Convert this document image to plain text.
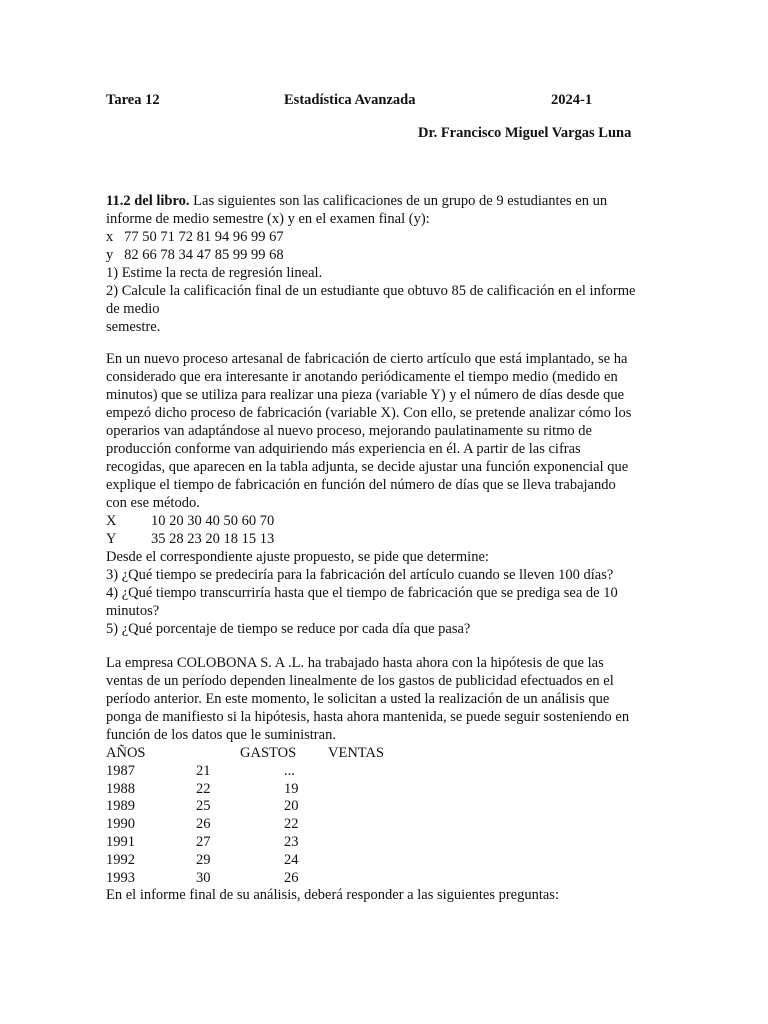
Tarea 12	Estadística Avanzada	2024-1
Dr. Francisco Miguel Vargas Luna
11.2 del libro. Las siguientes son las calificaciones de un grupo de 9 estudiantes en un
informe de medio semestre (x) y en el examen final (y):
x   77 50 71 72 81 94 96 99 67
y   82 66 78 34 47 85 99 99 68
1) Estime la recta de regresión lineal.
2) Calcule la calificación final de un estudiante que obtuvo 85 de calificación en el informe
de medio
semestre.
En un nuevo proceso artesanal de fabricación de cierto artículo que está implantado, se ha
considerado que era interesante ir anotando periódicamente el tiempo medio (medido en
minutos) que se utiliza para realizar una pieza (variable Y) y el número de días desde que
empezó dicho proceso de fabricación (variable X). Con ello, se pretende analizar cómo los
operarios van adaptándose al nuevo proceso, mejorando paulatinamente su ritmo de
producción conforme van adquiriendo más experiencia en él. A partir de las cifras
recogidas, que aparecen en la tabla adjunta, se decide ajustar una función exponencial que
explique el tiempo de fabricación en función del número de días que se lleva trabajando
con ese método.
X 10 20 30 40 50 60 70
Y 35 28 23 20 18 15 13
Desde el correspondiente ajuste propuesto, se pide que determine:
3) ¿Qué tiempo se predeciría para la fabricación del artículo cuando se lleven 100 días?
4) ¿Qué tiempo transcurriría hasta que el tiempo de fabricación que se prediga sea de 10
minutos?
5) ¿Qué porcentaje de tiempo se reduce por cada día que pasa?
La empresa COLOBONA S. A .L. ha trabajado hasta ahora con la hipótesis de que las
ventas de un período dependen linealmente de los gastos de publicidad efectuados en el
período anterior. En este momento, le solicitan a usted la realización de un análisis que
ponga de manifiesto si la hipótesis, hasta ahora mantenida, se puede seguir sosteniendo en
función de los datos que le suministran.
AÑOS	GASTOS VENTAS
1987	21	...
1988	22	19
1989	25	20
1990	26	22
1991	27	23
1992	29	24
1993	30	26
En el informe final de su análisis, deberá responder a las siguientes preguntas:
